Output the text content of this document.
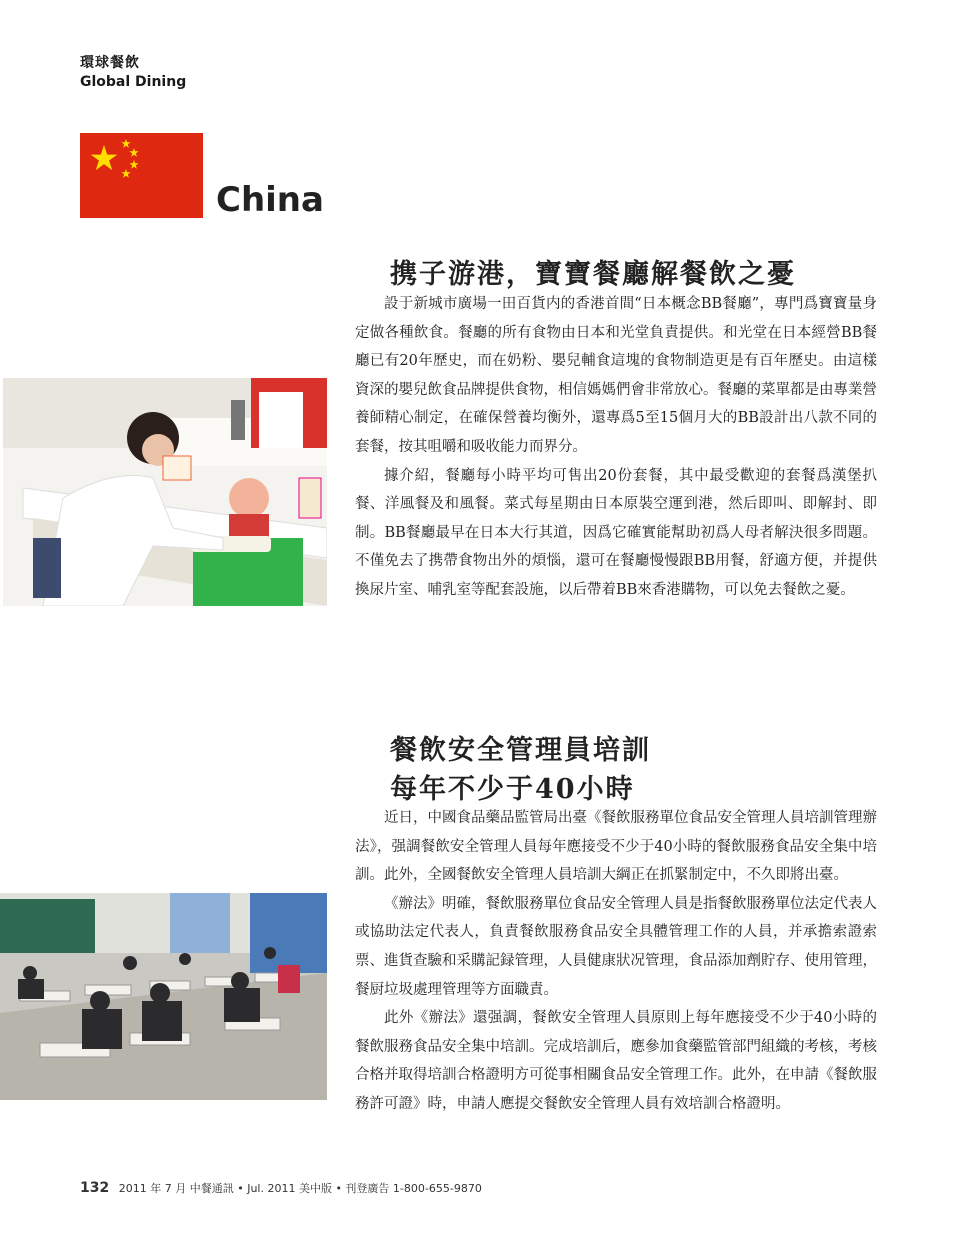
環球餐飲
Global Dining
China
携子游港，寶寶餐廳解餐飲之憂

設于新城市廣場一田百貨内的香港首間“日本概念BB餐廳”，專門爲寶寶量身定做各種飲食。餐廳的所有食物由日本和光堂負責提供。和光堂在日本經營BB餐廳已有20年歷史，而在奶粉、嬰兒輔食這塊的食物制造更是有百年歷史。由這樣資深的嬰兒飲食品牌提供食物，相信媽媽們會非常放心。餐廳的菜單都是由專業營養師精心制定，在確保營養均衡外，還專爲5至15個月大的BB設計出八款不同的套餐，按其咀嚼和吸收能力而界分。

據介紹，餐廳每小時平均可售出20份套餐，其中最受歡迎的套餐爲漢堡扒餐、洋風餐及和風餐。菜式每星期由日本原裝空運到港，然后即叫、即解封、即制。BB餐廳最早在日本大行其道，因爲它確實能幫助初爲人母者解決很多問題。不僅免去了携帶食物出外的煩惱，還可在餐廳慢慢跟BB用餐，舒適方便，并提供換尿片室、哺乳室等配套設施，以后帶着BB來香港購物，可以免去餐飲之憂。

餐飲安全管理員培訓
每年不少于40小時

近日，中國食品藥品監管局出臺《餐飲服務單位食品安全管理人員培訓管理辦法》，强調餐飲安全管理人員每年應接受不少于40小時的餐飲服務食品安全集中培訓。此外，全國餐飲安全管理人員培訓大綱正在抓緊制定中，不久即將出臺。

《辦法》明確，餐飲服務單位食品安全管理人員是指餐飲服務單位法定代表人或協助法定代表人，負責餐飲服務食品安全具體管理工作的人員，并承擔索證索票、進貨查驗和采購記録管理，人員健康狀况管理，食品添加劑貯存、使用管理，餐厨垃圾處理管理等方面職責。

此外《辦法》還强調，餐飲安全管理人員原則上每年應接受不少于40小時的餐飲服務食品安全集中培訓。完成培訓后，應參加食藥監管部門組織的考核，考核合格并取得培訓合格證明方可從事相關食品安全管理工作。此外，在申請《餐飲服務許可證》時，申請人應提交餐飲安全管理人員有效培訓合格證明。

132 2011 年 7 月 中餐通訊 • Jul. 2011 美中版 • 刊登廣告 1-800-655-9870
